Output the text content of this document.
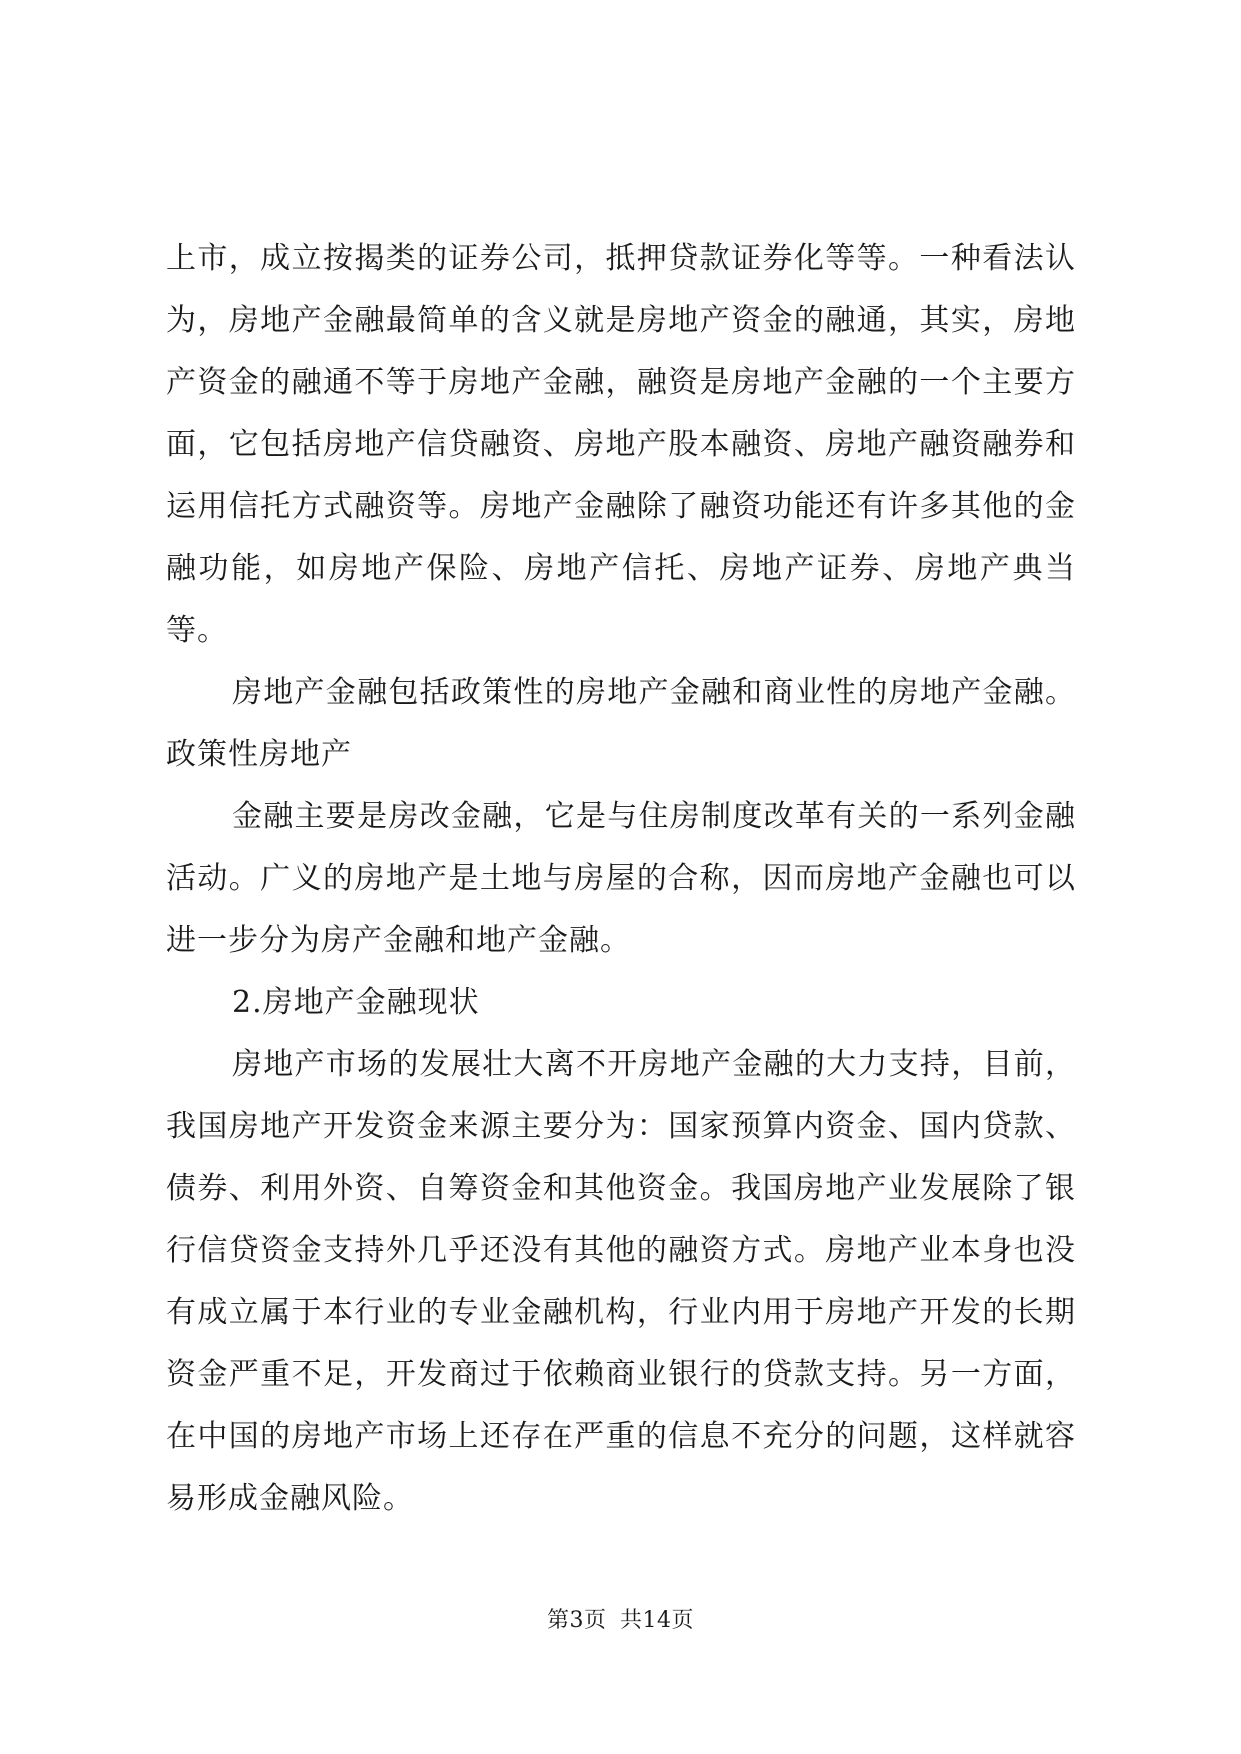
上市，成立按揭类的证券公司，抵押贷款证券化等等。一种看法认为，房地产金融最简单的含义就是房地产资金的融通，其实，房地产资金的融通不等于房地产金融，融资是房地产金融的一个主要方面，它包括房地产信贷融资、房地产股本融资、房地产融资融券和运用信托方式融资等。房地产金融除了融资功能还有许多其他的金融功能，如房地产保险、房地产信托、房地产证券、房地产典当等。

房地产金融包括政策性的房地产金融和商业性的房地产金融。政策性房地产

金融主要是房改金融，它是与住房制度改革有关的一系列金融活动。广义的房地产是土地与房屋的合称，因而房地产金融也可以进一步分为房产金融和地产金融。

2.房地产金融现状

房地产市场的发展壮大离不开房地产金融的大力支持，目前，我国房地产开发资金来源主要分为：国家预算内资金、国内贷款、债券、利用外资、自筹资金和其他资金。我国房地产业发展除了银行信贷资金支持外几乎还没有其他的融资方式。房地产业本身也没有成立属于本行业的专业金融机构，行业内用于房地产开发的长期资金严重不足，开发商过于依赖商业银行的贷款支持。另一方面，在中国的房地产市场上还存在严重的信息不充分的问题，这样就容易形成金融风险。

第3页 共14页
